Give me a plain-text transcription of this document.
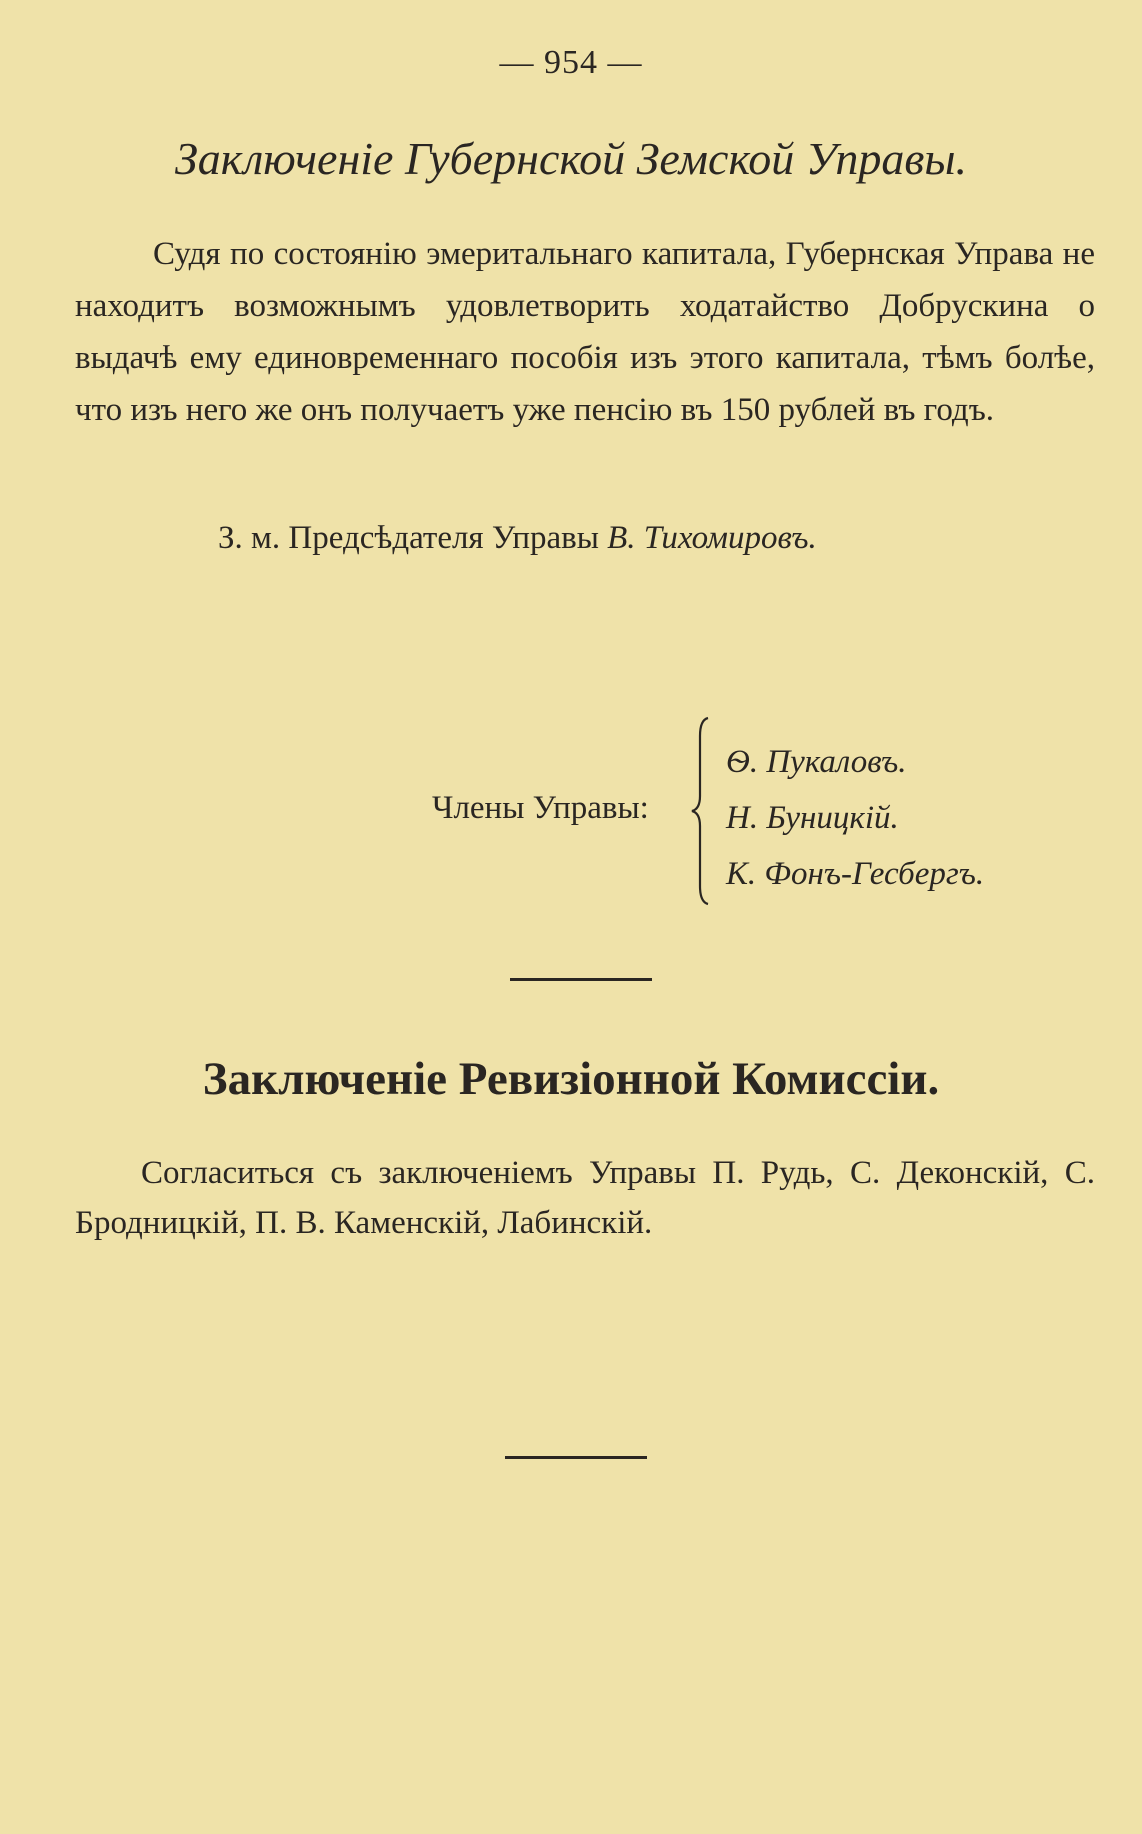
— 954 —
Заключеніе Губернской Земской Управы.
Судя по состоянію эмеритальнаго капитала, Губернская Управа не находитъ возможнымъ удовлетворить ходатайство Добрускина о выдачѣ ему единовременнаго пособія изъ этого капитала, тѣмъ болѣе, что изъ него же онъ получаетъ уже пенсію въ 150 рублей въ годъ.
З. м. Предсѣдателя Управы В. Тихомировъ.
Члены Управы:
Ѳ. Пукаловъ.
Н. Буницкій.
К. Фонъ-Гесбергъ.
Заключеніе Ревизіонной Комиссіи.
Согласиться съ заключеніемъ Управы П. Рудь, С. Деконскій, С. Бродницкій, П. В. Каменскій, Лабинскій.
